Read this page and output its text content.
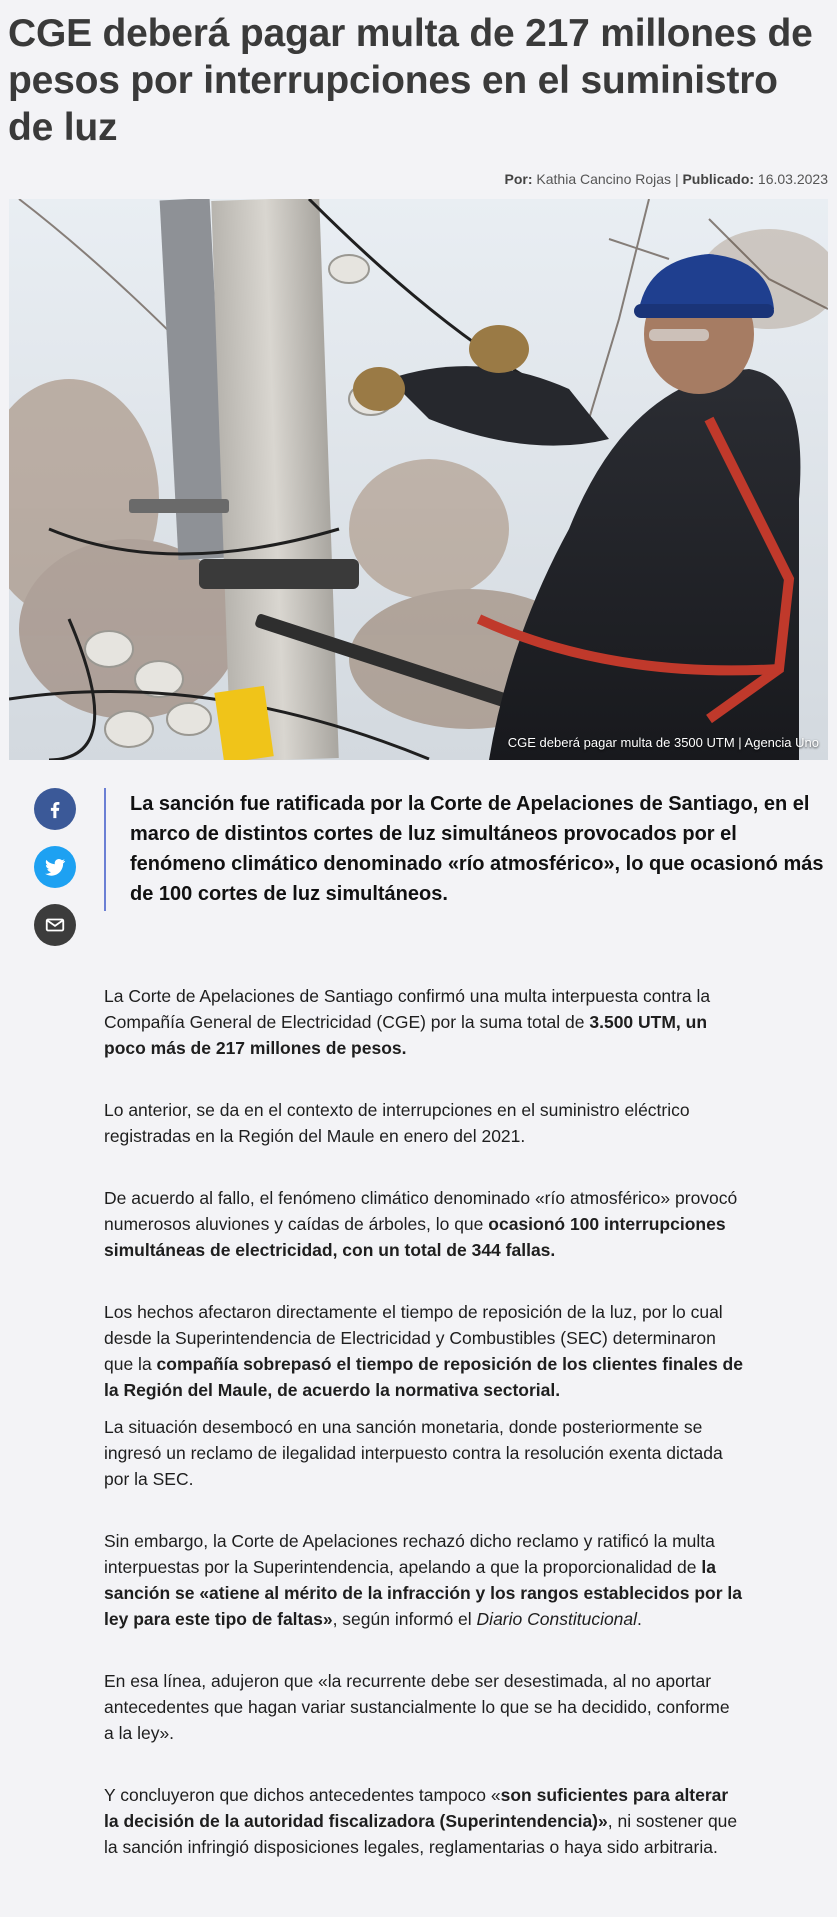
CGE deberá pagar multa de 217 millones de pesos por interrupciones en el suministro de luz
Por: Kathia Cancino Rojas | Publicado: 16.03.2023
CGE deberá pagar multa de 3500 UTM | Agencia Uno
La sanción fue ratificada por la Corte de Apelaciones de Santiago, en el marco de distintos cortes de luz simultáneos provocados por el fenómeno climático denominado «río atmosférico», lo que ocasionó más de 100 cortes de luz simultáneos.

La Corte de Apelaciones de Santiago confirmó una multa interpuesta contra la Compañía General de Electricidad (CGE) por la suma total de 3.500 UTM, un poco más de 217 millones de pesos.

Lo anterior, se da en el contexto de interrupciones en el suministro eléctrico registradas en la Región del Maule en enero del 2021.

De acuerdo al fallo, el fenómeno climático denominado «río atmosférico» provocó numerosos aluviones y caídas de árboles, lo que ocasionó 100 interrupciones simultáneas de electricidad, con un total de 344 fallas.

Los hechos afectaron directamente el tiempo de reposición de la luz, por lo cual desde la Superintendencia de Electricidad y Combustibles (SEC) determinaron que la compañía sobrepasó el tiempo de reposición de los clientes finales de la Región del Maule, de acuerdo la normativa sectorial.

La situación desembocó en una sanción monetaria, donde posteriormente se ingresó un reclamo de ilegalidad interpuesto contra la resolución exenta dictada por la SEC.

Sin embargo, la Corte de Apelaciones rechazó dicho reclamo y ratificó la multa interpuestas por la Superintendencia, apelando a que la proporcionalidad de la sanción se «atiene al mérito de la infracción y los rangos establecidos por la ley para este tipo de faltas», según informó el Diario Constitucional.

En esa línea, adujeron que «la recurrente debe ser desestimada, al no aportar antecedentes que hagan variar sustancialmente lo que se ha decidido, conforme a la ley».

Y concluyeron que dichos antecedentes tampoco «son suficientes para alterar la decisión de la autoridad fiscalizadora (Superintendencia)», ni sostener que la sanción infringió disposiciones legales, reglamentarias o haya sido arbitraria.
